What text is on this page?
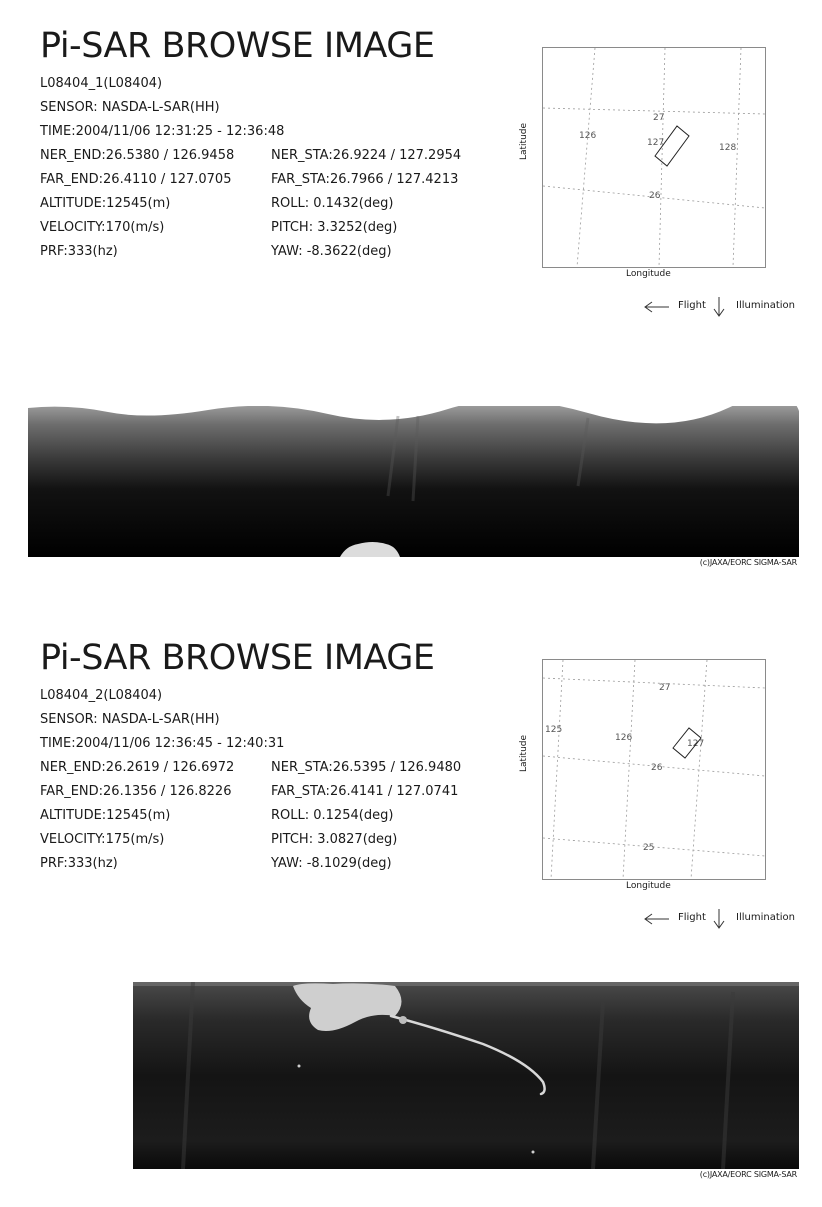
Pi-SAR BROWSE IMAGE
L08404_1(L08404)
SENSOR: NASDA-L-SAR(HH)
TIME:2004/11/06 12:31:25 - 12:36:48
NER_END:26.5380 / 126.9458	NER_STA:26.9224 / 127.2954
FAR_END:26.4110 / 127.0705	FAR_STA:26.7966 / 127.4213
ALTITUDE:12545(m)	ROLL: 0.1432(deg)
VELOCITY:170(m/s)	PITCH: 3.3252(deg)
PRF:333(hz)	YAW: -8.3622(deg)
27
126
127	128
26
Latitude
Longitude
Flight	Illumination
(c)JAXA/EORC SIGMA-SAR
Pi-SAR BROWSE IMAGE
L08404_2(L08404)
SENSOR: NASDA-L-SAR(HH)
TIME:2004/11/06 12:36:45 - 12:40:31
NER_END:26.2619 / 126.6972	NER_STA:26.5395 / 126.9480
FAR_END:26.1356 / 126.8226	FAR_STA:26.4141 / 127.0741
ALTITUDE:12545(m)	ROLL: 0.1254(deg)
VELOCITY:175(m/s)	PITCH: 3.0827(deg)
PRF:333(hz)	YAW: -8.1029(deg)
27
125
126
127
26
25
Latitude
Longitude
Flight	Illumination
(c)JAXA/EORC SIGMA-SAR
